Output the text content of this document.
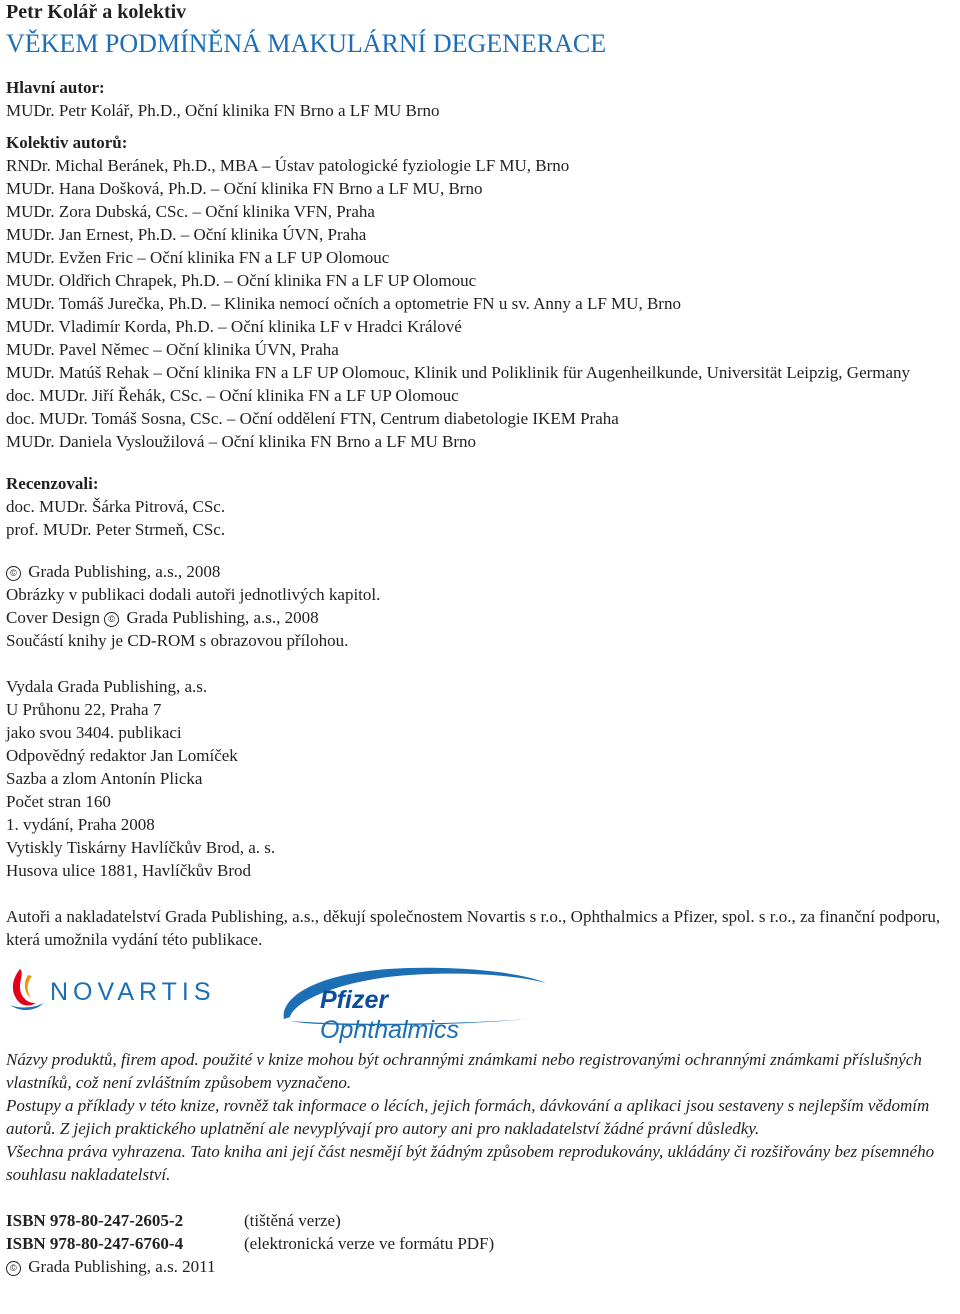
Petr Kolář a kolektiv
VĚKEM PODMÍNĚNÁ MAKULÁRNÍ DEGENERACE
Hlavní autor:
MUDr. Petr Kolář, Ph.D., Oční klinika FN Brno a LF MU Brno
Kolektiv autorů:
RNDr. Michal Beránek, Ph.D., MBA – Ústav patologické fyziologie LF MU, Brno
MUDr. Hana Došková, Ph.D. – Oční klinika FN Brno a LF MU, Brno
MUDr. Zora Dubská, CSc. – Oční klinika VFN, Praha
MUDr. Jan Ernest, Ph.D. – Oční klinika ÚVN, Praha
MUDr. Evžen Fric – Oční klinika FN a LF UP Olomouc
MUDr. Oldřich Chrapek, Ph.D. – Oční klinika FN a LF UP Olomouc
MUDr. Tomáš Jurečka, Ph.D. – Klinika nemocí očních a optometrie FN u sv. Anny a LF MU, Brno
MUDr. Vladimír Korda, Ph.D. – Oční klinika LF v Hradci Králové
MUDr. Pavel Němec – Oční klinika ÚVN, Praha
MUDr. Matúš Rehak – Oční klinika FN a LF UP Olomouc, Klinik und Poliklinik für Augenheilkunde, Universität Leipzig, Germany
doc. MUDr. Jiří Řehák, CSc. – Oční klinika FN a LF UP Olomouc
doc. MUDr. Tomáš Sosna, CSc. – Oční oddělení FTN, Centrum diabetologie IKEM Praha
MUDr. Daniela Vysloužilová – Oční klinika FN Brno a LF MU Brno
Recenzovali:
doc. MUDr. Šárka Pitrová, CSc.
prof. MUDr. Peter Strmeň, CSc.
© Grada Publishing, a.s., 2008
Obrázky v publikaci dodali autoři jednotlivých kapitol.
Cover Design © Grada Publishing, a.s., 2008
Součástí knihy je CD-ROM s obrazovou přílohou.
Vydala Grada Publishing, a.s.
U Průhonu 22, Praha 7
jako svou 3404. publikaci
Odpovědný redaktor Jan Lomíček
Sazba a zlom Antonín Plicka
Počet stran 160
1. vydání, Praha 2008
Vytiskly Tiskárny Havlíčkův Brod, a. s.
Husova ulice 1881, Havlíčkův Brod
Autoři a nakladatelství Grada Publishing, a.s., děkují společnostem Novartis s r.o., Ophthalmics a Pfizer, spol. s r.o., za finanční podporu, která umožnila vydání této publikace.
NOVARTIS	Pfizer Ophthalmics
Názvy produktů, firem apod. použité v knize mohou být ochrannými známkami nebo registrovanými ochrannými známkami příslušných vlastníků, což není zvláštním způsobem vyznačeno.
Postupy a příklady v této knize, rovněž tak informace o lécích, jejich formách, dávkování a aplikaci jsou sestaveny s nejlepším vědomím autorů. Z jejich praktického uplatnění ale nevyplývají pro autory ani pro nakladatelství žádné právní důsledky.
Všechna práva vyhrazena. Tato kniha ani její část nesmějí být žádným způsobem reprodukovány, ukládány či rozšiřovány bez písemného souhlasu nakladatelství.
ISBN 978-80-247-2605-2	(tištěná verze)
ISBN 978-80-247-6760-4	(elektronická verze ve formátu PDF)
© Grada Publishing, a.s. 2011
